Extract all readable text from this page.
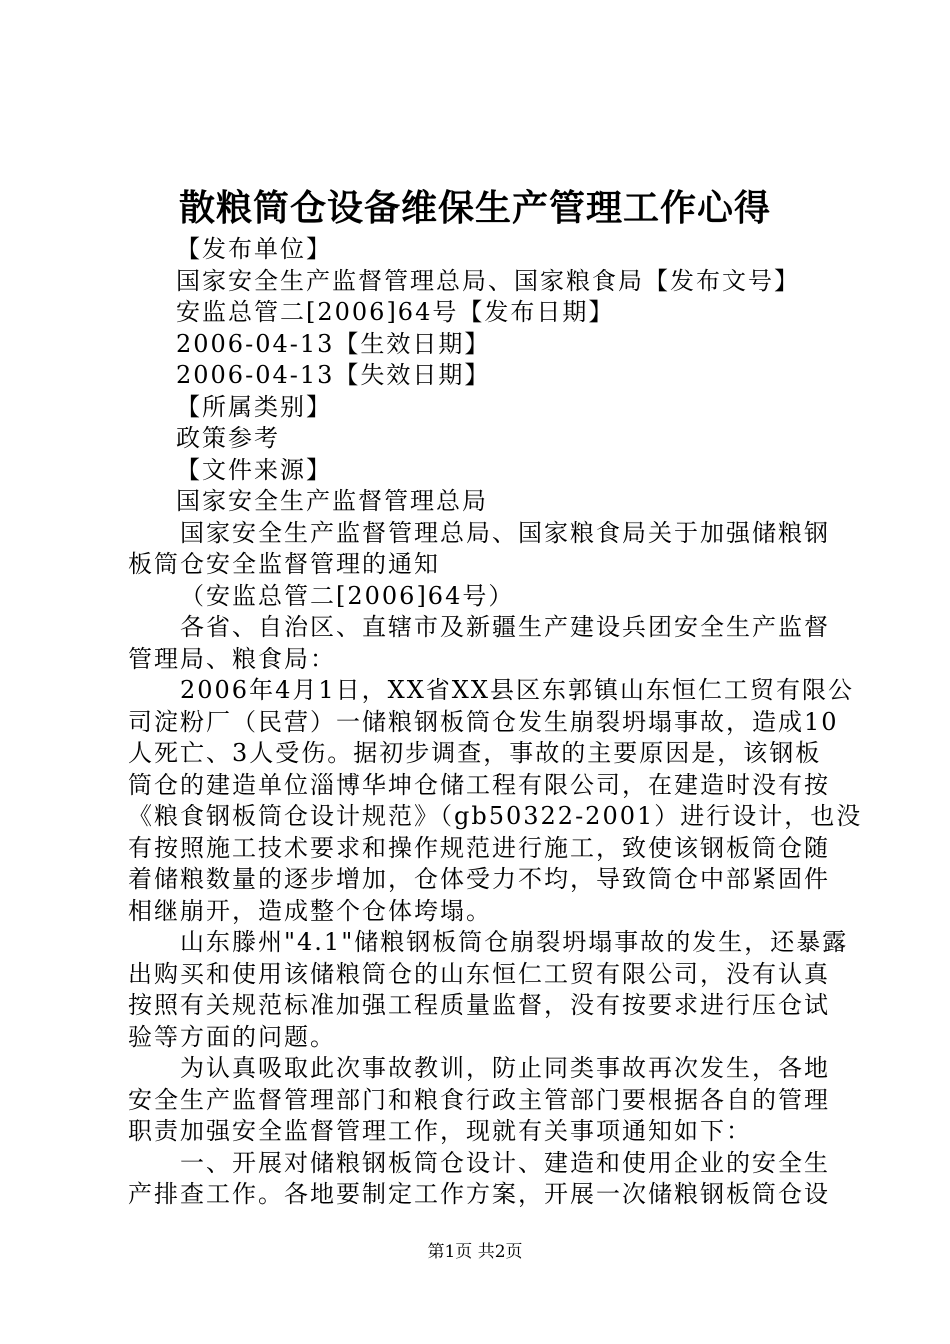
散粮筒仓设备维保生产管理工作心得
【发布单位】
国家安全生产监督管理总局、国家粮食局【发布文号】
安监总管二[2006]64号【发布日期】
2006-04-13【生效日期】
2006-04-13【失效日期】
【所属类别】
政策参考
【文件来源】
国家安全生产监督管理总局
国家安全生产监督管理总局、国家粮食局关于加强储粮钢
板筒仓安全监督管理的通知
（安监总管二[2006]64号）
各省、自治区、直辖市及新疆生产建设兵团安全生产监督
管理局、粮食局：
2006年4月1日，XX省XX县区东郭镇山东恒仁工贸有限公
司淀粉厂（民营）一储粮钢板筒仓发生崩裂坍塌事故，造成10
人死亡、3人受伤。据初步调查，事故的主要原因是，该钢板
筒仓的建造单位淄博华坤仓储工程有限公司，在建造时没有按
《粮食钢板筒仓设计规范》（gb50322-2001）进行设计，也没
有按照施工技术要求和操作规范进行施工，致使该钢板筒仓随
着储粮数量的逐步增加，仓体受力不均，导致筒仓中部紧固件
相继崩开，造成整个仓体垮塌。
山东滕州"4.1"储粮钢板筒仓崩裂坍塌事故的发生，还暴露
出购买和使用该储粮筒仓的山东恒仁工贸有限公司，没有认真
按照有关规范标准加强工程质量监督，没有按要求进行压仓试
验等方面的问题。
为认真吸取此次事故教训，防止同类事故再次发生，各地
安全生产监督管理部门和粮食行政主管部门要根据各自的管理
职责加强安全监督管理工作，现就有关事项通知如下：
一、开展对储粮钢板筒仓设计、建造和使用企业的安全生
产排查工作。各地要制定工作方案，开展一次储粮钢板筒仓设
第1页 共2页
